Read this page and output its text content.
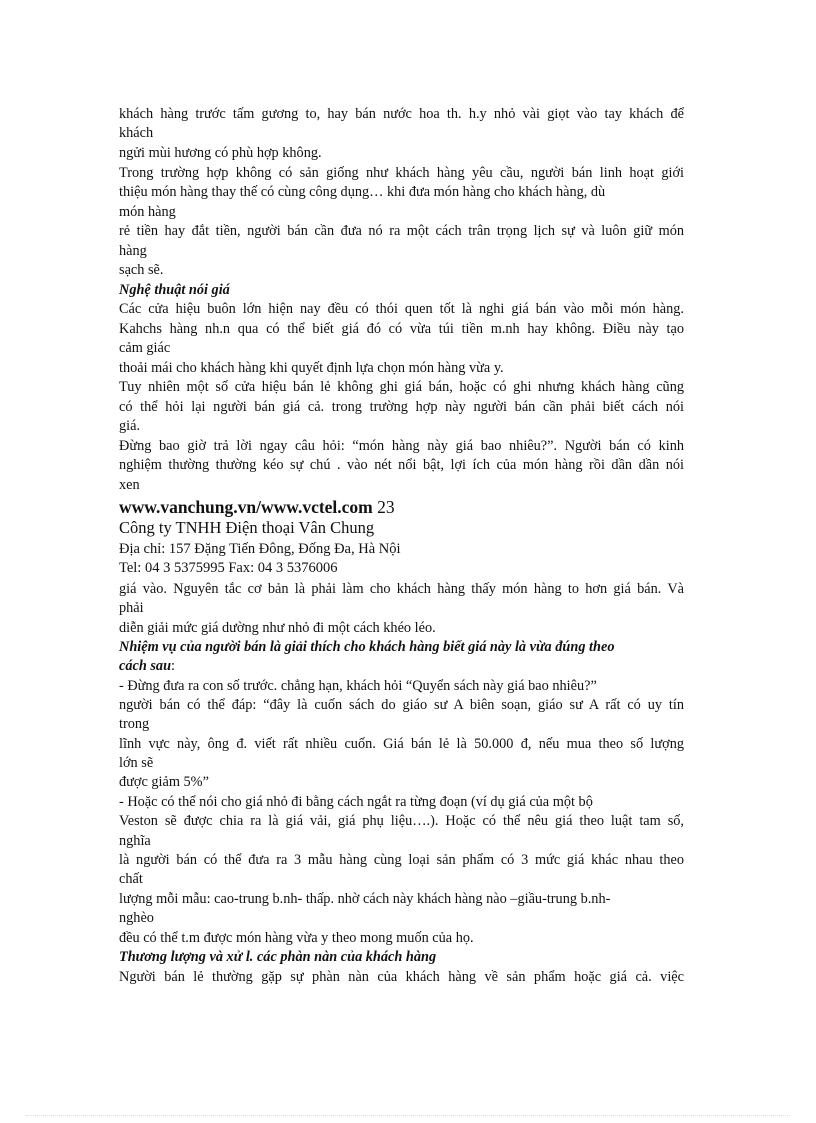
khách hàng trước tấm gương to, hay bán nước hoa th. h.y nhỏ vài giọt vào tay khách để

khách

ngửi mùi hương có phù hợp không.

Trong trường hợp không có sản giống như khách hàng yêu cầu, người bán linh hoạt giới

thiệu món hàng thay thế có cùng công dụng… khi đưa món hàng cho khách hàng, dù

món hàng

rẻ tiền hay đắt tiền, người bán cần đưa nó ra một cách trân trọng lịch sự và luôn giữ món

hàng

sạch sẽ.

Nghệ thuật nói giá

Các cửa hiệu buôn lớn hiện nay đều có thói quen tốt là nghi giá bán vào mỗi món hàng.

Kahchs hàng nh.n qua có thể biết giá đó có vừa túi tiền m.nh hay không. Điều này tạo

cảm giác

thoải mái cho khách hàng khi quyết định lựa chọn món hàng vừa y.

Tuy nhiên một số cửa hiệu bán lẻ không ghi giá bán, hoặc có ghi nhưng khách hàng cũng

có thể hỏi lại người bán giá cả. trong trường hợp này người bán cần phải biết cách nói

giá.

Đừng bao giờ trả lời ngay câu hỏi: “món hàng này giá bao nhiêu?”. Người bán có kinh

nghiệm thường thường kéo sự chú . vào nét nổi bật, lợi ích của món hàng rồi dần dần nói

xen

www.vanchung.vn/www.vctel.com 23

Công ty TNHH Điện thoại Vân Chung

Địa chỉ: 157 Đặng Tiến Đông, Đống Đa, Hà Nội

Tel: 04 3 5375995 Fax: 04 3 5376006

giá vào. Nguyên tắc cơ bản là phải làm cho khách hàng thấy món hàng to hơn giá bán. Và

phải

diễn giải mức giá dường như nhỏ đi một cách khéo léo.

Nhiệm vụ của người bán là giải thích cho khách hàng biết giá này là vừa đúng theo

cách sau:

- Đừng đưa ra con số trước. chẳng hạn, khách hỏi “Quyển sách này giá bao nhiêu?”

người bán có thể đáp: “đây là cuốn sách do giáo sư A biên soạn, giáo sư A rất có uy tín

trong

lĩnh vực này, ông đ. viết rất nhiều cuốn. Giá bán lẻ là 50.000 đ, nếu mua theo số lượng

lớn sẽ

được giảm 5%”

- Hoặc có thể nói cho giá nhỏ đi bằng cách ngắt ra từng đoạn (ví dụ giá của một bộ

Veston sẽ được chia ra là giá vải, giá phụ liệu….). Hoặc có thể nêu giá theo luật tam số,

nghĩa

là người bán có thể đưa ra 3 mẫu hàng cùng loại sản phẩm có 3 mức giá khác nhau theo

chất

lượng mỗi mẫu: cao-trung b.nh- thấp. nhờ cách này khách hàng nào –giầu-trung b.nh-

nghèo

đều có thể t.m được món hàng vừa y theo mong muốn của họ.

Thương lượng và xử l. các phàn nàn của khách hàng

Người bán lẻ thường gặp sự phàn nàn của khách hàng về sản phẩm hoặc giá cả. việc
